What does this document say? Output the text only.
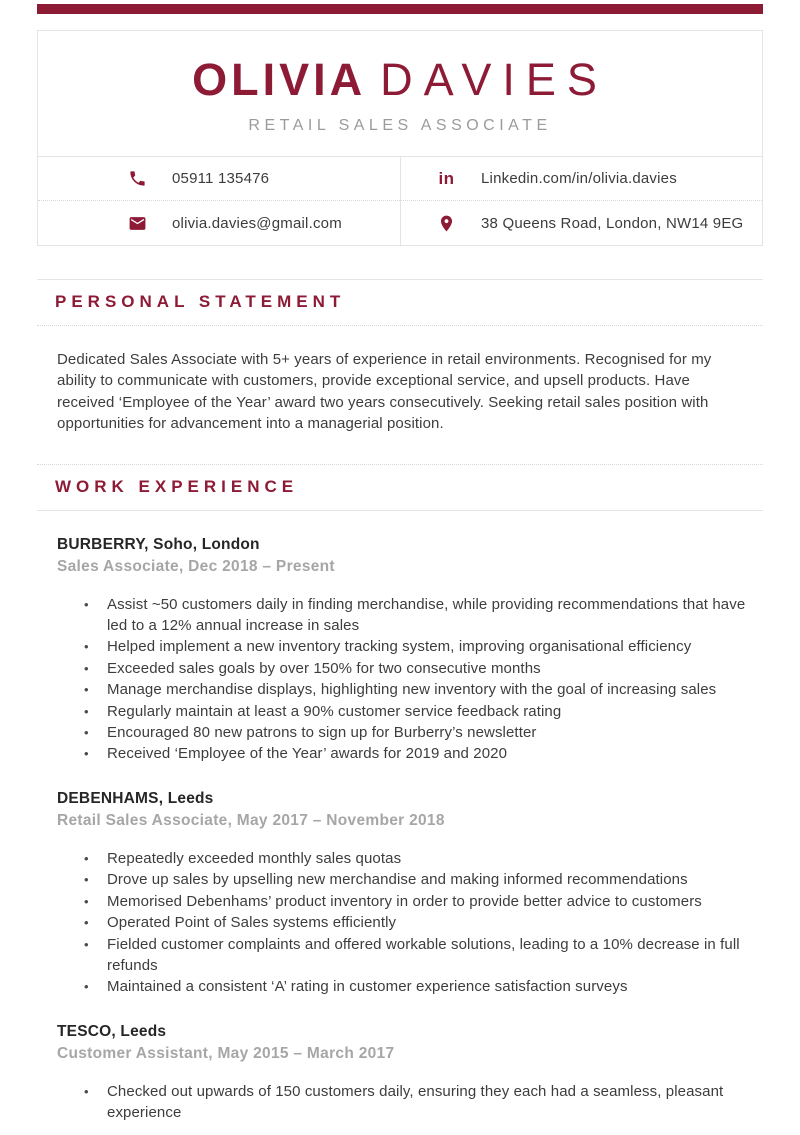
OLIVIA DAVIES
RETAIL SALES ASSOCIATE
05911 135476	in Linkedin.com/in/olivia.davies
olivia.davies@gmail.com	38 Queens Road, London, NW14 9EG
PERSONAL STATEMENT

Dedicated Sales Associate with 5+ years of experience in retail environments. Recognised for my ability to communicate with customers, provide exceptional service, and upsell products. Have received ‘Employee of the Year’ award two years consecutively. Seeking retail sales position with opportunities for advancement into a managerial position.

WORK EXPERIENCE
BURBERRY, Soho, London
Sales Associate, Dec 2018 – Present
• Assist ~50 customers daily in finding merchandise, while providing recommendations that have led to a 12% annual increase in sales
• Helped implement a new inventory tracking system, improving organisational efficiency
• Exceeded sales goals by over 150% for two consecutive months
• Manage merchandise displays, highlighting new inventory with the goal of increasing sales
• Regularly maintain at least a 90% customer service feedback rating
• Encouraged 80 new patrons to sign up for Burberry’s newsletter
• Received ‘Employee of the Year’ awards for 2019 and 2020
DEBENHAMS, Leeds
Retail Sales Associate, May 2017 – November 2018
• Repeatedly exceeded monthly sales quotas
• Drove up sales by upselling new merchandise and making informed recommendations
• Memorised Debenhams’ product inventory in order to provide better advice to customers
• Operated Point of Sales systems efficiently
• Fielded customer complaints and offered workable solutions, leading to a 10% decrease in full refunds
• Maintained a consistent ‘A’ rating in customer experience satisfaction surveys
TESCO, Leeds
Customer Assistant, May 2015 – March 2017
• Checked out upwards of 150 customers daily, ensuring they each had a seamless, pleasant experience
